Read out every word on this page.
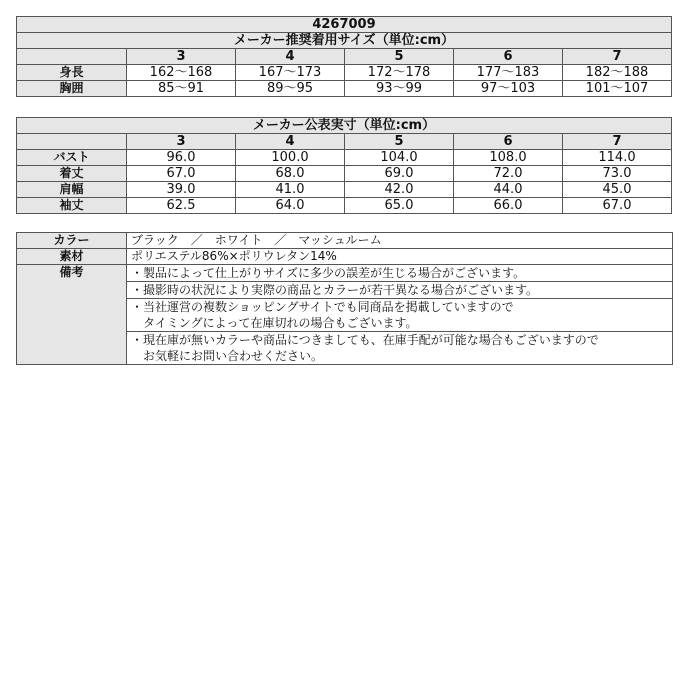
4267009					
メーカー推奨着用サイズ（単位:cm）					
	3	4	5	6	7
身長	162〜168	167〜173	172〜178	177〜183	182〜188
胸囲	85〜91	89〜95	93〜99	97〜103	101〜107
メーカー公表実寸（単位:cm）					
	3	4	5	6	7
バスト	96.0	100.0	104.0	108.0	114.0
着丈	67.0	68.0	69.0	72.0	73.0
肩幅	39.0	41.0	42.0	44.0	45.0
袖丈	62.5	64.0	65.0	66.0	67.0
カラー	ブラック　／　ホワイト　／　マッシュルーム
素材	ポリエステル86%×ポリウレタン14%
備考	・製品によって仕上がりサイズに多少の誤差が生じる場合がございます。

	・撮影時の状況により実際の商品とカラーが若干異なる場合がございます。

	・当社運営の複数ショッピングサイトでも同商品を掲載していますので
　タイミングによって在庫切れの場合もございます。

	・現在庫が無いカラーや商品につきましても、在庫手配が可能な場合もございますので
　お気軽にお問い合わせください。
